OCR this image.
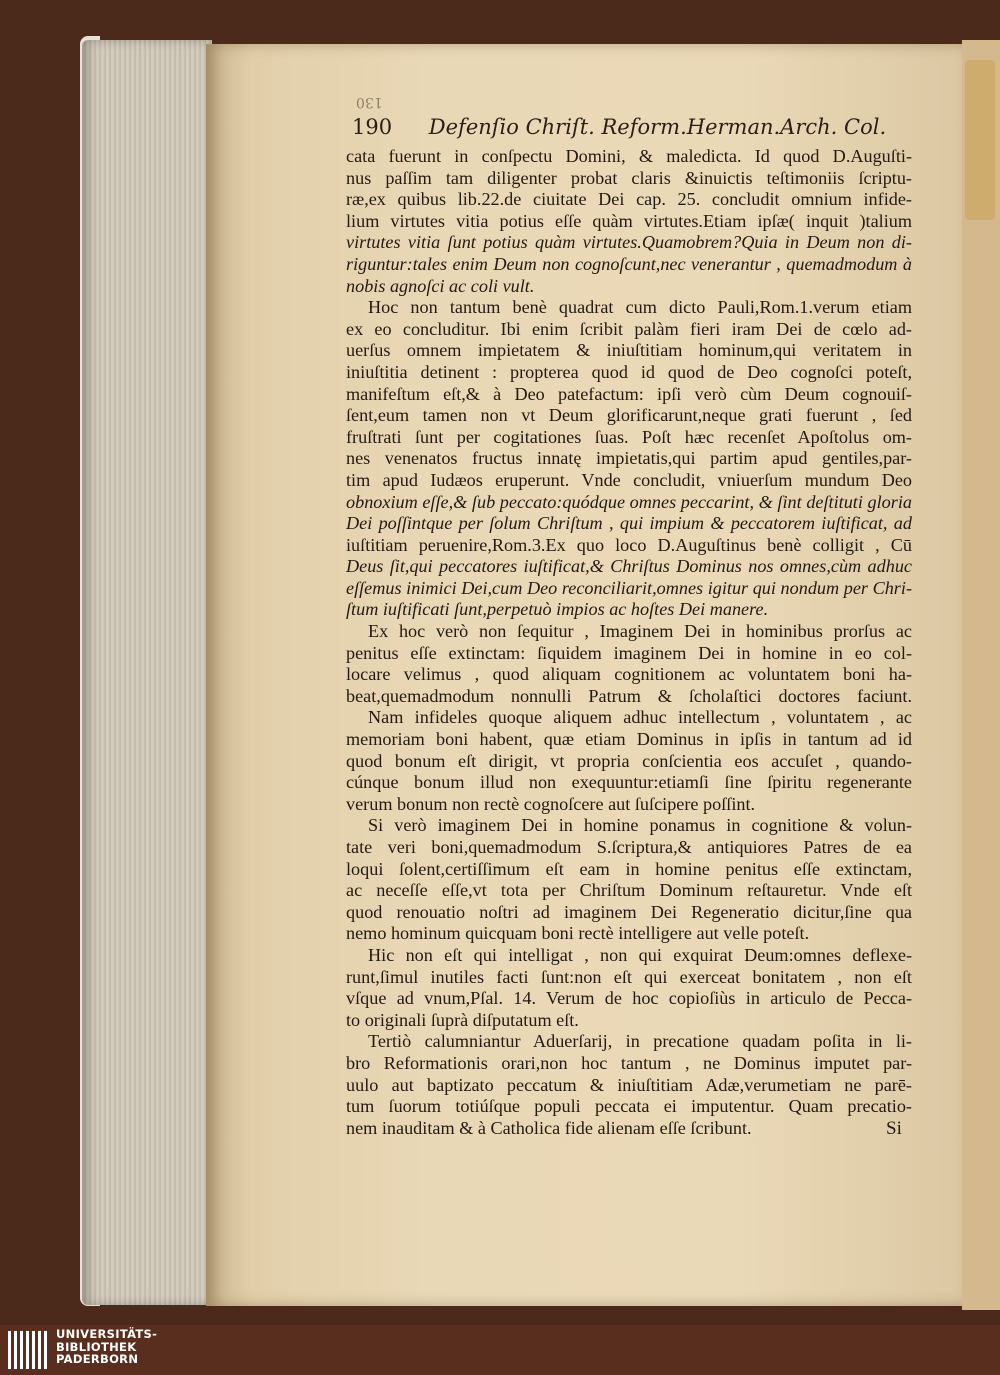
130
190 Defenſio Chriſt. Reform.Herman.Arch. Col.
cata fuerunt in conſpectu Domini, & maledicta. Id quod D.Auguſti-
nus paſſim tam diligenter probat claris &inuictis teſtimoniis ſcriptu-
ræ,ex quibus lib.22.de ciuitate Dei cap. 25. concludit omnium infide-
lium virtutes vitia potius eſſe quàm virtutes.Etiam ipſæ( inquit )talium
virtutes vitia ſunt potius quàm virtutes.Quamobrem?Quia in Deum non di-
riguntur:tales enim Deum non cognoſcunt,nec venerantur , quemadmodum à
nobis agnoſci ac coli vult.
Hoc non tantum benè quadrat cum dicto Pauli,Rom.1.verum etiam
ex eo concluditur. Ibi enim ſcribit palàm fieri iram Dei de cœlo ad-
uerſus omnem impietatem & iniuſtitiam hominum,qui veritatem in
iniuſtitia detinent : propterea quod id quod de Deo cognoſci poteſt,
manifeſtum eſt,& à Deo patefactum: ipſi verò cùm Deum cognouiſ-
ſent,eum tamen non vt Deum glorificarunt,neque grati fuerunt , ſed
fruſtrati ſunt per cogitationes ſuas. Poſt hæc recenſet Apoſtolus om-
nes venenatos fructus innatę impietatis,qui partim apud gentiles,par-
tim apud Iudæos eruperunt. Vnde concludit, vniuerſum mundum Deo
obnoxium eſſe,& ſub peccato:quódque omnes peccarint, & ſint deſtituti gloria
Dei poſſintque per ſolum Chriſtum , qui impium & peccatorem iuſtificat, ad
iuſtitiam peruenire,Rom.3.Ex quo loco D.Auguſtinus benè colligit , Cū
Deus ſit,qui peccatores iuſtificat,& Chriſtus Dominus nos omnes,cùm adhuc
eſſemus inimici Dei,cum Deo reconciliarit,omnes igitur qui nondum per Chri-
ſtum iuſtificati ſunt,perpetuò impios ac hoſtes Dei manere.
Ex hoc verò non ſequitur , Imaginem Dei in hominibus prorſus ac
penitus eſſe extinctam: ſiquidem imaginem Dei in homine in eo col-
locare velimus , quod aliquam cognitionem ac voluntatem boni ha-
beat,quemadmodum nonnulli Patrum & ſcholaſtici doctores faciunt.
Nam infideles quoque aliquem adhuc intellectum , voluntatem , ac
memoriam boni habent, quæ etiam Dominus in ipſis in tantum ad id
quod bonum eſt dirigit, vt propria conſcientia eos accuſet , quando-
cúnque bonum illud non exequuntur:etiamſi ſine ſpiritu regenerante
verum bonum non rectè cognoſcere aut ſuſcipere poſſint.
Si verò imaginem Dei in homine ponamus in cognitione & volun-
tate veri boni,quemadmodum S.ſcriptura,& antiquiores Patres de ea
loqui ſolent,certiſſimum eſt eam in homine penitus eſſe extinctam,
ac neceſſe eſſe,vt tota per Chriſtum Dominum reſtauretur. Vnde eſt
quod renouatio noſtri ad imaginem Dei Regeneratio dicitur,ſine qua
nemo hominum quicquam boni rectè intelligere aut velle poteſt.
Hic non eſt qui intelligat , non qui exquirat Deum:omnes deflexe-
runt,ſimul inutiles facti ſunt:non eſt qui exerceat bonitatem , non eſt
vſque ad vnum,Pſal. 14. Verum de hoc copioſiùs in articulo de Pecca-
to originali ſuprà diſputatum eſt.
Tertiò calumniantur Aduerſarij, in precatione quadam poſita in li-
bro Reformationis orari,non hoc tantum , ne Dominus imputet par-
uulo aut baptizato peccatum & iniuſtitiam Adæ,verumetiam ne parē-
tum ſuorum totiúſque populi peccata ei imputentur. Quam precatio-
nem inauditam & à Catholica fide alienam eſſe ſcribunt.	Si
UNIVERSITÄTS-
BIBLIOTHEK
PADERBORN
